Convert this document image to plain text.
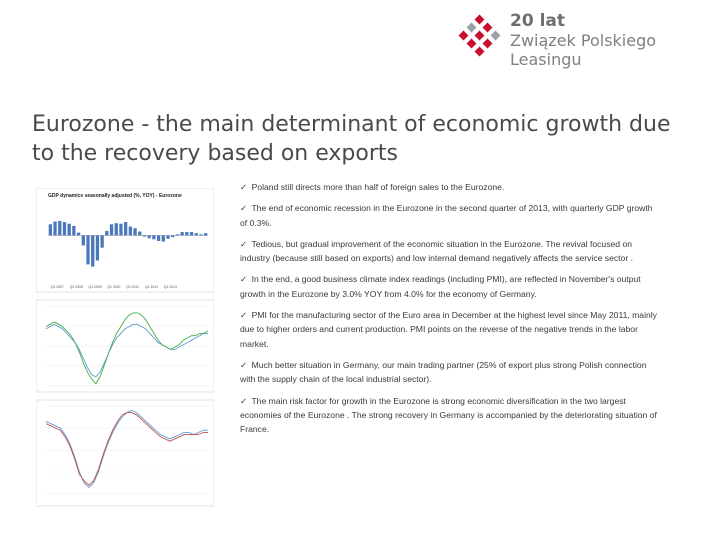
20 lat
Związek Polskiego
Leasingu
Eurozone - the main determinant of economic growth due to the recovery based on exports
GDP dynamics seasonally adjusted (%, YOY) - Eurozone
Q1 2007 Q1 2008 Q1 2009 Q1 2010 Q1 2011 Q1 2012 Q1 2013

✓ Poland still directs more than half of foreign sales to the Eurozone.

✓ The end of economic recession in the Eurozone in the second quarter of 2013, with quarterly GDP growth of 0.3%.

✓ Tedious, but gradual improvement of the economic situation in the Eurozone. The revival focused on industry (because still based on exports) and low internal demand negatively affects the service sector .

✓ In the end, a good business climate index readings (including PMI), are reflected in November's output growth in the Eurozone by 3.0% YOY from 4.0% for the economy of Germany.

✓ PMI for the manufacturing sector of the Euro area in December at the highest level since May 2011, mainly due to higher orders and current production. PMI points on the reverse of the negative trends in the labor market.

✓ Much better situation in Germany, our main trading partner (25% of export plus strong Polish connection with the supply chain of the local industrial sector).

✓ The main risk factor for growth in the Eurozone is strong economic diversification in the two largest economies of the Eurozone . The strong recovery in Germany is accompanied by the deteriorating situation of France.
